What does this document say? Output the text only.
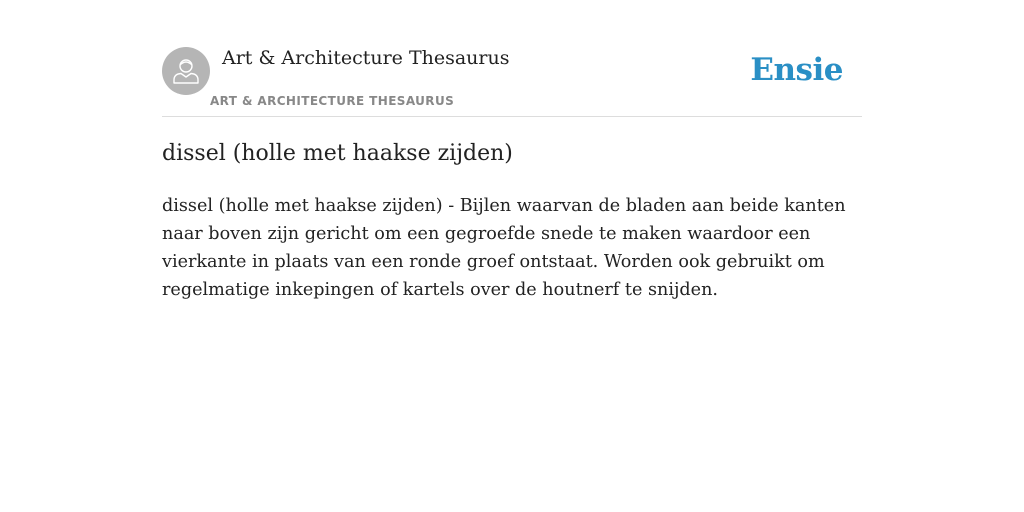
Art & Architecture Thesaurus
ART & ARCHITECTURE THESAURUS
Ensie
dissel (holle met haakse zijden)

dissel (holle met haakse zijden) - Bijlen waarvan de bladen aan beide kanten naar boven zijn gericht om een gegroefde snede te maken waardoor een vierkante in plaats van een ronde groef ontstaat. Worden ook gebruikt om regelmatige inkepingen of kartels over de houtnerf te snijden.
